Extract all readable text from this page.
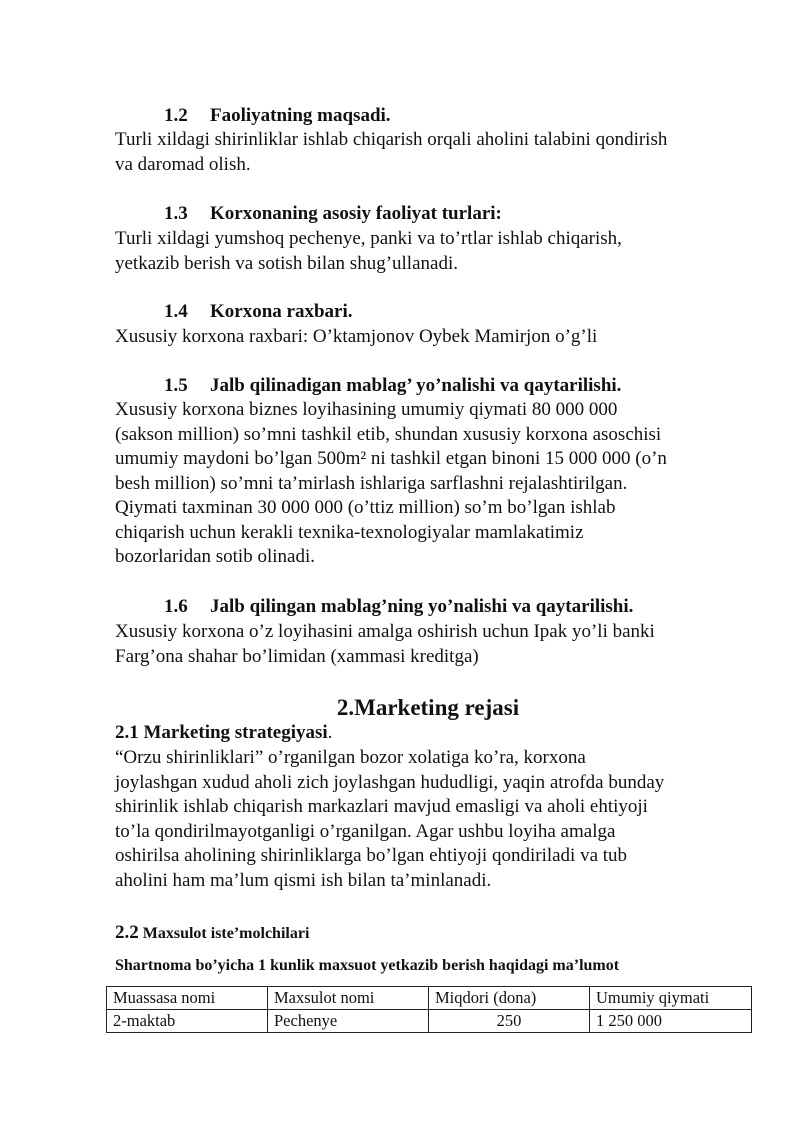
1.2 Faoliyatning maqsadi.
Turli xildagi shirinliklar ishlab chiqarish orqali aholini talabini qondirish
va daromad olish.
1.3 Korxonaning asosiy faoliyat turlari:
Turli xildagi yumshoq pechenye, panki va to’rtlar ishlab chiqarish,
yetkazib berish va sotish bilan shug’ullanadi.
1.4 Korxona raxbari.
Xususiy korxona raxbari: O’ktamjonov Oybek Mamirjon o’g’li
1.5 Jalb qilinadigan mablag’ yo’nalishi va qaytarilishi.
Xususiy korxona biznes loyihasining umumiy qiymati 80 000 000
(sakson million) so’mni tashkil etib, shundan xususiy korxona asoschisi
umumiy maydoni bo’lgan 500m² ni tashkil etgan binoni 15 000 000 (o’n
besh million) so’mni ta’mirlash ishlariga sarflashni rejalashtirilgan.
Qiymati taxminan 30 000 000 (o’ttiz million) so’m bo’lgan ishlab
chiqarish uchun kerakli texnika-texnologiyalar mamlakatimiz
bozorlaridan sotib olinadi.
1.6 Jalb qilingan mablag’ning yo’nalishi va qaytarilishi.
Xususiy korxona o’z loyihasini amalga oshirish uchun Ipak yo’li banki
Farg’ona shahar bo’limidan (xammasi kreditga)
2.Marketing rejasi
2.1 Marketing strategiyasi.
“Orzu shirinliklari” o’rganilgan bozor xolatiga ko’ra, korxona
joylashgan xudud aholi zich joylashgan hududligi, yaqin atrofda bunday
shirinlik ishlab chiqarish markazlari mavjud emasligi va aholi ehtiyoji
to’la qondirilmayotganligi o’rganilgan. Agar ushbu loyiha amalga
oshirilsa aholining shirinliklarga bo’lgan ehtiyoji qondiriladi va tub
aholini ham ma’lum qismi ish bilan ta’minlanadi.
2.2 Maxsulot iste’molchilari
Shartnoma bo’yicha 1 kunlik maxsuot yetkazib berish haqidagi ma’lumot
Muassasa nomi	Maxsulot nomi	Miqdori (dona)	Umumiy qiymati
2-maktab	Pechenye	250	1 250 000
